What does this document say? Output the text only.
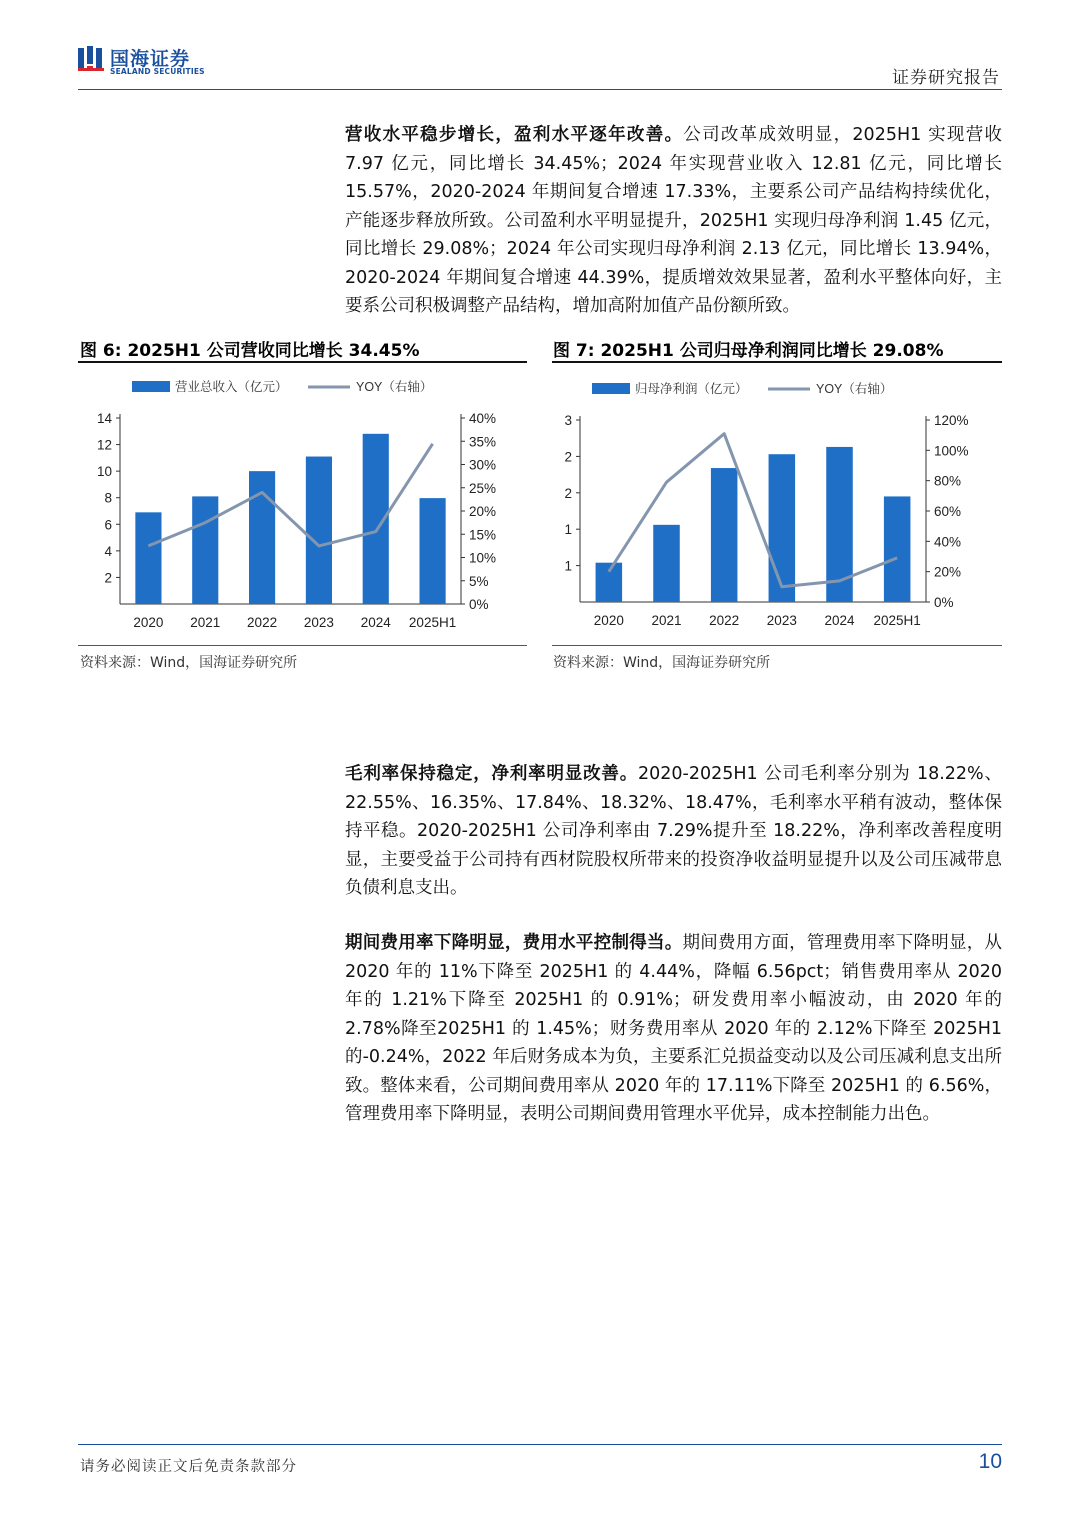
国海证券
SEALAND SECURITIES	证券研究报告
营收水平稳步增长，盈利水平逐年改善。公司改革成效明显，2025H1 实现营收 7.97 亿元，同比增长 34.45%；2024 年实现营业收入 12.81 亿元，同比增长 15.57%，2020-2024 年期间复合增速 17.33%，主要系公司产品结构持续优化，产能逐步释放所致。公司盈利水平明显提升，2025H1 实现归母净利润 1.45 亿元，同比增长 29.08%；2024 年公司实现归母净利润 2.13 亿元，同比增长 13.94%，2020-2024 年期间复合增速 44.39%，提质增效效果显著，盈利水平整体向好，主要系公司积极调整产品结构，增加高附加值产品份额所致。
图 6: 2025H1 公司营收同比增长 34.45%	图 7: 2025H1 公司归母净利润同比增长 29.08%
营业总收入（亿元）	YOY（右轴）
2
4
6
8
10
12
14
0%
5%
10%
15%
20%
25%
30%
35%
40%
2020 2021 2022 2023 2024 2025H1
归母净利润（亿元）	YOY（右轴）
1
1
2
2
3
0%
20%
40%
60%
80%
100%
120%
2020 2021 2022 2023 2024 2025H1
资料来源：Wind，国海证券研究所	资料来源：Wind，国海证券研究所
毛利率保持稳定，净利率明显改善。2020-2025H1 公司毛利率分别为 18.22%、22.55%、16.35%、17.84%、18.32%、18.47%，毛利率水平稍有波动，整体保持平稳。2020-2025H1 公司净利率由 7.29%提升至 18.22%，净利率改善程度明显，主要受益于公司持有西材院股权所带来的投资净收益明显提升以及公司压减带息负债利息支出。
期间费用率下降明显，费用水平控制得当。期间费用方面，管理费用率下降明显，从 2020 年的 11%下降至 2025H1 的 4.44%，降幅 6.56pct；销售费用率从 2020 年的 1.21%下降至 2025H1 的 0.91%；研发费用率小幅波动，由 2020 年的 2.78%降至2025H1 的 1.45%；财务费用率从 2020 年的 2.12%下降至 2025H1 的-0.24%，2022 年后财务成本为负，主要系汇兑损益变动以及公司压减利息支出所致。整体来看，公司期间费用率从 2020 年的 17.11%下降至 2025H1 的 6.56%，管理费用率下降明显，表明公司期间费用管理水平优异，成本控制能力出色。
请务必阅读正文后免责条款部分	10
